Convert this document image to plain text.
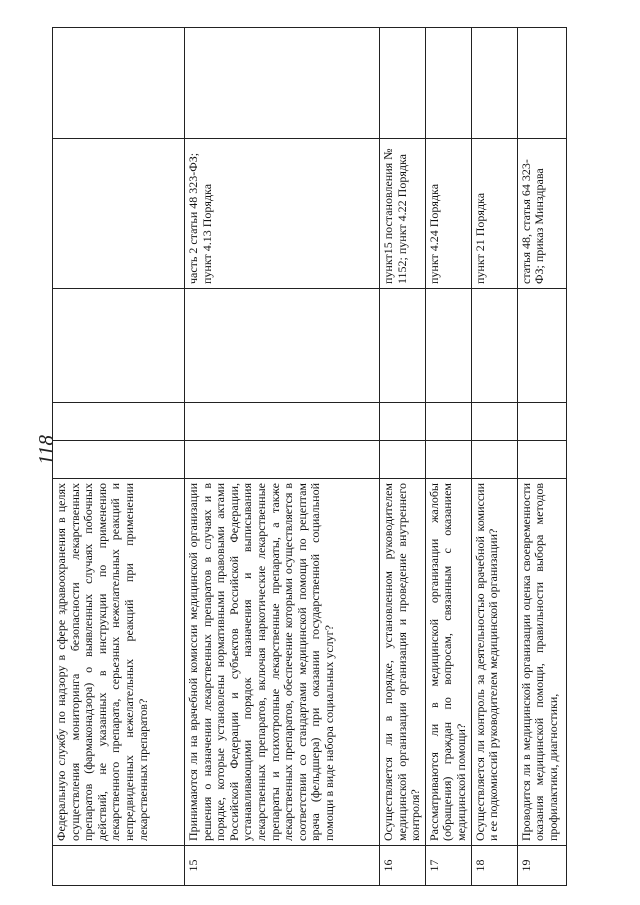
118
	Федеральную службу по надзору в сфере здравоохранения в целях осуществления мониторинга безопасности лекарственных препаратов (фармаконадзора) о выявленных случаях побочных действий, не указанных в инструкции по применению лекарственного препарата, серьезных нежелательных реакций и непредвиденных нежелательных реакций при применении лекарственных препаратов?					
15	Принимаются ли на врачебной комиссии медицинской организации решения о назначении лекарственных препаратов в случаях и в порядке, которые установлены нормативными правовыми актами Российской Федерации и субъектов Российской Федерации, устанавливающими порядок назначения и выписывания лекарственных препаратов, включая наркотические лекарственные препараты и психотропные лекарственные препараты, а также лекарственных препаратов, обеспечение которыми осуществляется в соответствии со стандартами медицинской помощи по рецептам врача (фельдшера) при оказании государственной социальной помощи в виде набора социальных услуг?				часть 2 статьи 48 323-ФЗ; пункт 4.13 Порядка	
16	Осуществляется ли в порядке, установленном руководителем медицинской организации организация и проведение внутреннего контроля?				пункт15 постановления № 1152; пункт 4.22 Порядка	
17	Рассматриваются ли в медицинской организации жалобы (обращения) граждан по вопросам, связанным с оказанием медицинской помощи?				пункт 4.24 Порядка	
18	Осуществляется ли контроль за деятельностью врачебной комиссии и ее подкомиссий руководителем медицинской организации?				пункт 21 Порядка	
19	Проводится ли в медицинской организации оценка своевременности оказания медицинской помощи, правильности выбора методов профилактики, диагностики,				статья 48, статья 64 323-ФЗ; приказ Минздрава	
